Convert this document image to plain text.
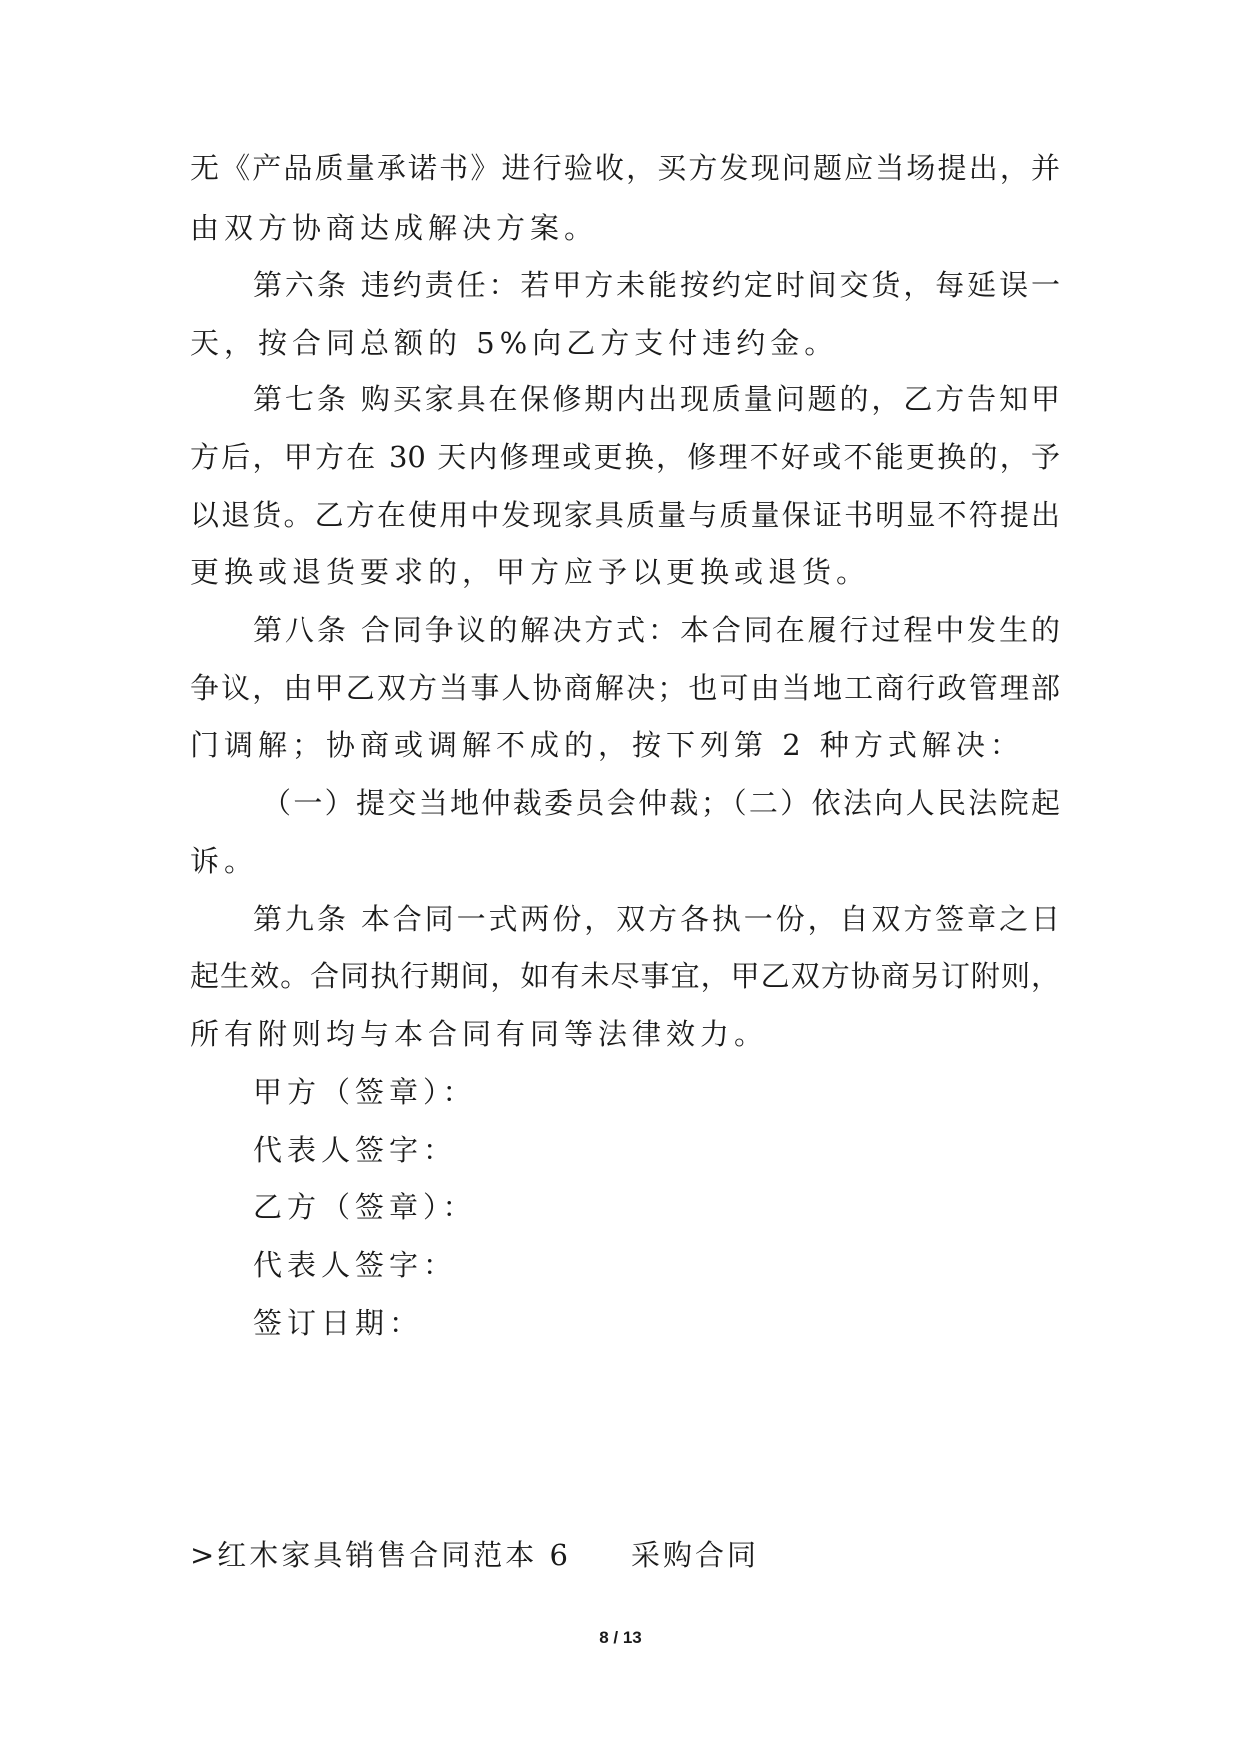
无《产品质量承诺书》进行验收，买方发现问题应当场提出，并
由双方协商达成解决方案。
第六条 违约责任：若甲方未能按约定时间交货，每延误一
天，按合同总额的 5%向乙方支付违约金。
第七条 购买家具在保修期内出现质量问题的，乙方告知甲
方后，甲方在 30 天内修理或更换，修理不好或不能更换的，予
以退货。乙方在使用中发现家具质量与质量保证书明显不符提出
更换或退货要求的，甲方应予以更换或退货。
第八条 合同争议的解决方式：本合同在履行过程中发生的
争议，由甲乙双方当事人协商解决；也可由当地工商行政管理部
门调解；协商或调解不成的，按下列第 2 种方式解决：
（一）提交当地仲裁委员会仲裁；（二）依法向人民法院起
诉。
第九条 本合同一式两份，双方各执一份，自双方签章之日
起生效。合同执行期间，如有未尽事宜，甲乙双方协商另订附则，
所有附则均与本合同有同等法律效力。
甲方（签章）：
代表人签字：
乙方（签章）：
代表人签字：
签订日期：
>红木家具销售合同范本 6 采购合同
8 / 13
